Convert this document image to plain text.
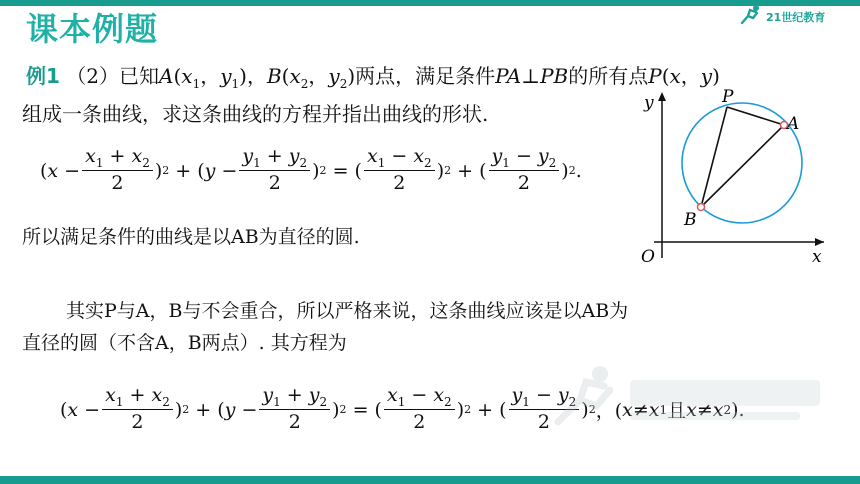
课本例题	21世纪教育
例1 （2）已知$A(x_1$，$y_1$)，$B(x_2$，$y_2$)两点，满足条件PA⊥PB的所有点P(x，y)
组成一条曲线，求这条曲线的方程并指出曲线的形状.
( $x - \frac{x_1 + x_2}{2}$ ) 2 + ( $y - \frac{y_1 + y_2}{2}$ ) 2 = ( $\frac{x_1 - x_2}{2}$ ) 2 + ( $\frac{y_1 - y_2}{2}$ ) 2 .
所以满足条件的曲线是以AB为直径的圆.
其实P与A，B与不会重合，所以严格来说，这条曲线应该是以AB为
直径的圆（不含A，B两点）. 其方程为
( $x - \frac{x_1 + x_2}{2}$ ) 2 + ( $y - \frac{y_1 + y_2}{2}$ ) 2 = ( $\frac{x_1 - x_2}{2}$ ) 2 + ( $\frac{y_1 - y_2}{2}$ ) 2 ，( x ≠ x 1 且 x ≠ x 2 ).
P
A
B
O
y
x
